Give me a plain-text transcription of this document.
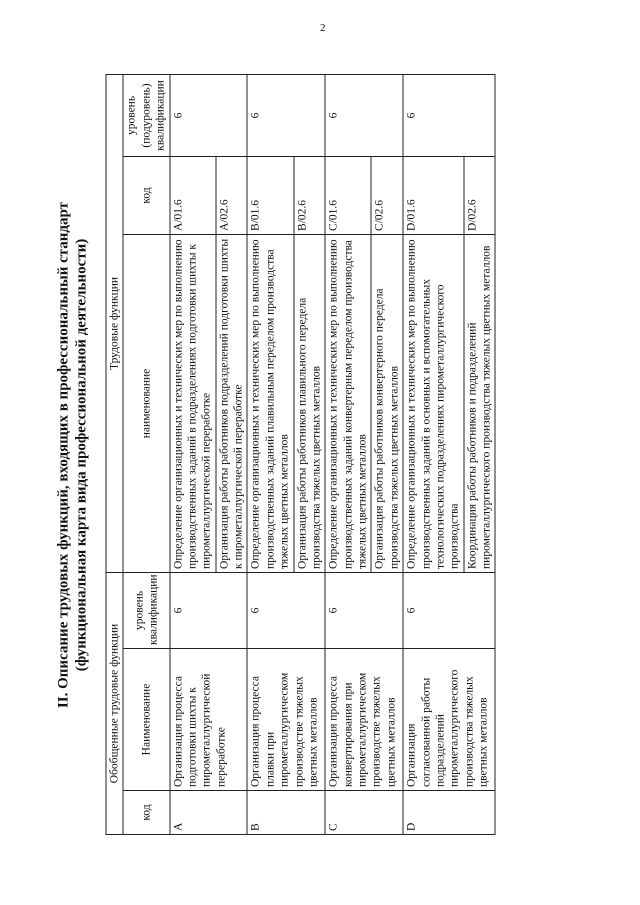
2
II. Описание трудовых функций, входящих в профессиональный стандарт (функциональная карта вида профессиональной деятельности)
Обобщенные трудовые функции			Трудовые функции		
код	Наименование	уровень квалификации	наименование	код	уровень (подуровень) квалификации
A	Организация процесса подготовки шихты к пирометаллургической переработке	6	Определение организационных и технических мер по выполнению производственных заданий в подразделениях подготовки шихты к пирометаллургической переработке	A/01.6	6
			Организация работы работников подразделений подготовки шихты к пирометаллургической переработке	A/02.6	
B	Организация процесса плавки при пирометаллургическом производстве тяжелых цветных металлов	6	Определение организационных и технических мер по выполнению производственных заданий плавильным переделом производства тяжелых цветных металлов	B/01.6	6
			Организация работы работников плавильного передела производства тяжелых цветных металлов	B/02.6	
C	Организация процесса конвертирования при пирометаллургическом производстве тяжелых цветных металлов	6	Определение организационных и технических мер по выполнению производственных заданий конвертерным переделом производства тяжелых цветных металлов	C/01.6	6
			Организация работы работников конвертерного передела производства тяжелых цветных металлов	C/02.6	
D	Организация согласованной работы подразделений пирометаллургического производства тяжелых цветных металлов	6	Определение организационных и технических мер по выполнению производственных заданий в основных и вспомогательных технологических подразделениях пирометаллургического производства	D/01.6	6
			Координация работы работников и подразделений пирометаллургического производства тяжелых цветных металлов	D/02.6	
